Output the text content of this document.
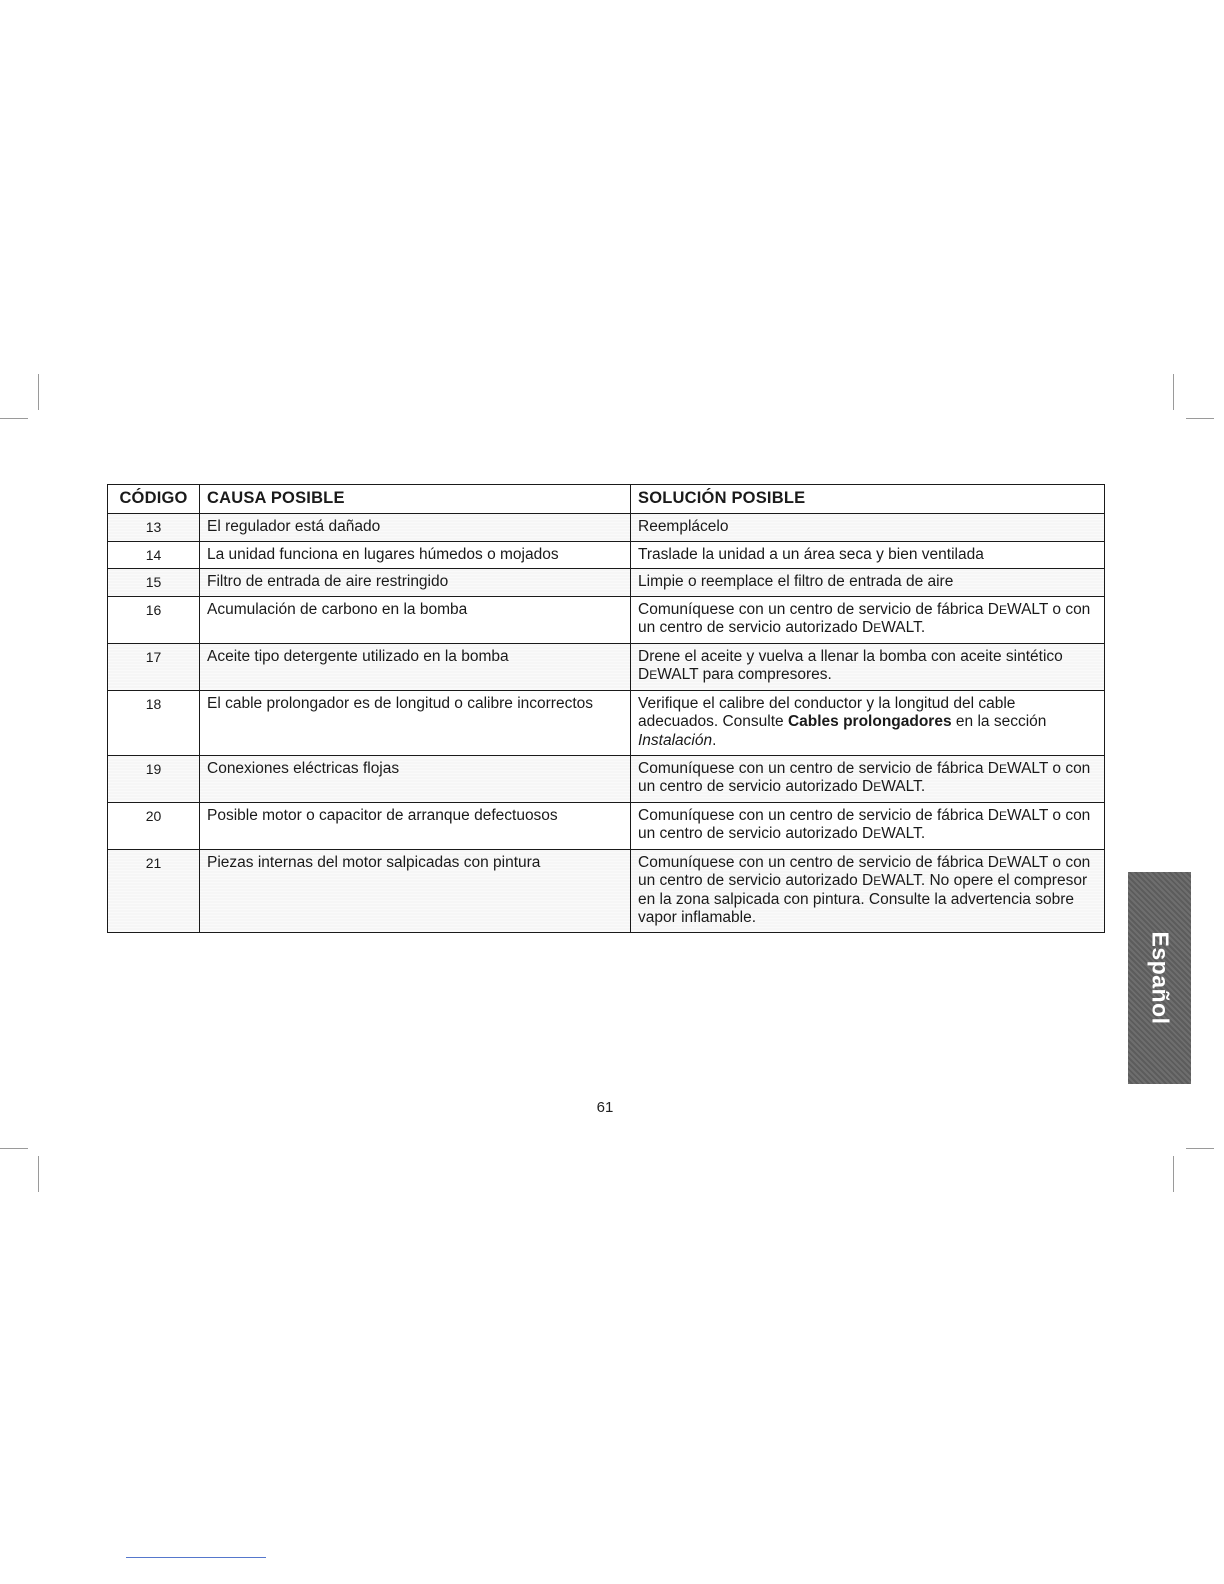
CÓDIGO	CAUSA POSIBLE	SOLUCIÓN POSIBLE
13	El regulador está dañado	Reemplácelo
14	La unidad funciona en lugares húmedos o mojados	Traslade la unidad a un área seca y bien ventilada
15	Filtro de entrada de aire restringido	Limpie o reemplace el filtro de entrada de aire
16	Acumulación de carbono en la bomba	Comuníquese con un centro de servicio de fábrica DEWALT o con un centro de servicio autorizado DEWALT.
17	Aceite tipo detergente utilizado en la bomba	Drene el aceite y vuelva a llenar la bomba con aceite sintético DEWALT para compresores.
18	El cable prolongador es de longitud o calibre incorrectos	Verifique el calibre del conductor y la longitud del cable adecuados. Consulte Cables prolongadores en la sección Instalación.
19	Conexiones eléctricas flojas	Comuníquese con un centro de servicio de fábrica DEWALT o con un centro de servicio autorizado DEWALT.
20	Posible motor o capacitor de arranque defectuosos	Comuníquese con un centro de servicio de fábrica DEWALT o con un centro de servicio autorizado DEWALT.
21	Piezas internas del motor salpicadas con pintura	Comuníquese con un centro de servicio de fábrica DEWALT o con un centro de servicio autorizado DEWALT. No opere el compresor en la zona salpicada con pintura. Consulte la advertencia sobre vapor inflamable.
Español
61
